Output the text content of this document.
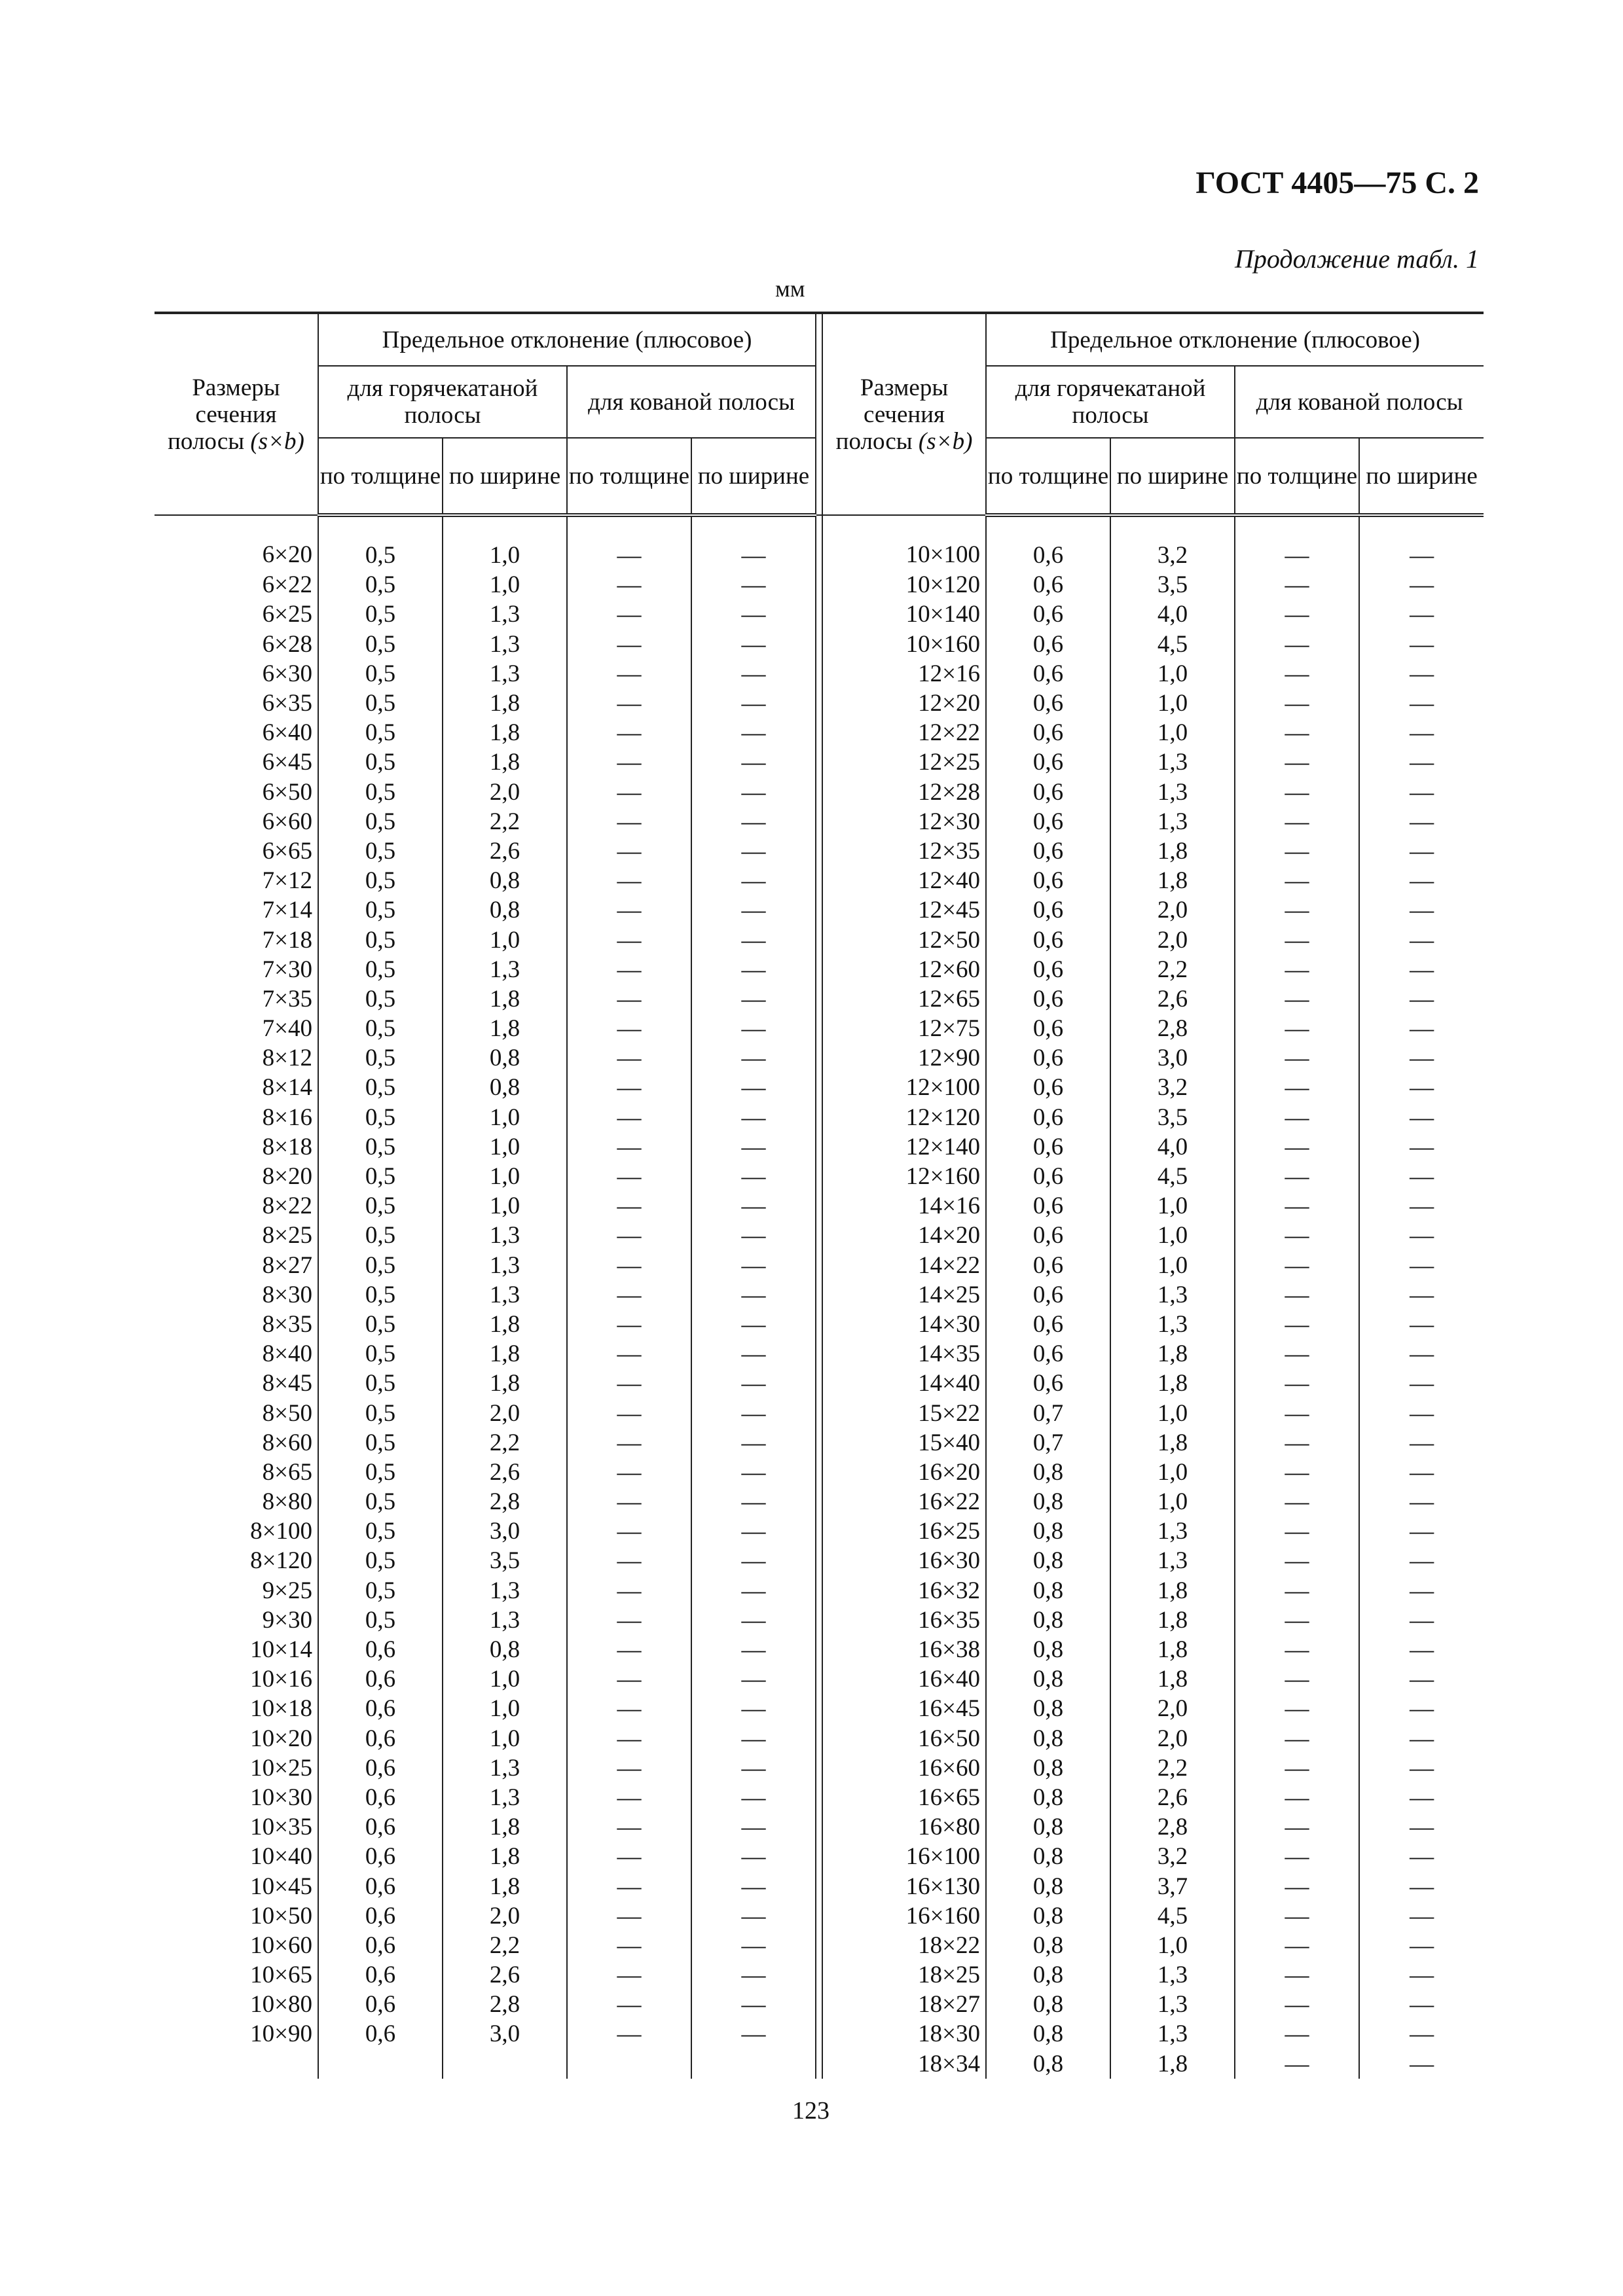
ГОСТ 4405—75 С. 2
Продолжение табл. 1
мм
Размеры сечения полосы (s×b)	Предельное отклонение (плюсовое)					Размеры сечения полосы (s×b)	Предельное отклонение (плюсовое)			
	для горячекатаной полосы		для кованой полосы				для горячекатаной полосы		для кованой полосы	
	по толщине	по ширине	по толщине	по ширине			по толщине	по ширине	по толщине	по ширине
6×20	0,5	1,0	—	—		10×100	0,6	3,2	—	—
6×22	0,5	1,0	—	—		10×120	0,6	3,5	—	—
6×25	0,5	1,3	—	—		10×140	0,6	4,0	—	—
6×28	0,5	1,3	—	—		10×160	0,6	4,5	—	—
6×30	0,5	1,3	—	—		12×16	0,6	1,0	—	—
6×35	0,5	1,8	—	—		12×20	0,6	1,0	—	—
6×40	0,5	1,8	—	—		12×22	0,6	1,0	—	—
6×45	0,5	1,8	—	—		12×25	0,6	1,3	—	—
6×50	0,5	2,0	—	—		12×28	0,6	1,3	—	—
6×60	0,5	2,2	—	—		12×30	0,6	1,3	—	—
6×65	0,5	2,6	—	—		12×35	0,6	1,8	—	—
7×12	0,5	0,8	—	—		12×40	0,6	1,8	—	—
7×14	0,5	0,8	—	—		12×45	0,6	2,0	—	—
7×18	0,5	1,0	—	—		12×50	0,6	2,0	—	—
7×30	0,5	1,3	—	—		12×60	0,6	2,2	—	—
7×35	0,5	1,8	—	—		12×65	0,6	2,6	—	—
7×40	0,5	1,8	—	—		12×75	0,6	2,8	—	—
8×12	0,5	0,8	—	—		12×90	0,6	3,0	—	—
8×14	0,5	0,8	—	—		12×100	0,6	3,2	—	—
8×16	0,5	1,0	—	—		12×120	0,6	3,5	—	—
8×18	0,5	1,0	—	—		12×140	0,6	4,0	—	—
8×20	0,5	1,0	—	—		12×160	0,6	4,5	—	—
8×22	0,5	1,0	—	—		14×16	0,6	1,0	—	—
8×25	0,5	1,3	—	—		14×20	0,6	1,0	—	—
8×27	0,5	1,3	—	—		14×22	0,6	1,0	—	—
8×30	0,5	1,3	—	—		14×25	0,6	1,3	—	—
8×35	0,5	1,8	—	—		14×30	0,6	1,3	—	—
8×40	0,5	1,8	—	—		14×35	0,6	1,8	—	—
8×45	0,5	1,8	—	—		14×40	0,6	1,8	—	—
8×50	0,5	2,0	—	—		15×22	0,7	1,0	—	—
8×60	0,5	2,2	—	—		15×40	0,7	1,8	—	—
8×65	0,5	2,6	—	—		16×20	0,8	1,0	—	—
8×80	0,5	2,8	—	—		16×22	0,8	1,0	—	—
8×100	0,5	3,0	—	—		16×25	0,8	1,3	—	—
8×120	0,5	3,5	—	—		16×30	0,8	1,3	—	—
9×25	0,5	1,3	—	—		16×32	0,8	1,8	—	—
9×30	0,5	1,3	—	—		16×35	0,8	1,8	—	—
10×14	0,6	0,8	—	—		16×38	0,8	1,8	—	—
10×16	0,6	1,0	—	—		16×40	0,8	1,8	—	—
10×18	0,6	1,0	—	—		16×45	0,8	2,0	—	—
10×20	0,6	1,0	—	—		16×50	0,8	2,0	—	—
10×25	0,6	1,3	—	—		16×60	0,8	2,2	—	—
10×30	0,6	1,3	—	—		16×65	0,8	2,6	—	—
10×35	0,6	1,8	—	—		16×80	0,8	2,8	—	—
10×40	0,6	1,8	—	—		16×100	0,8	3,2	—	—
10×45	0,6	1,8	—	—		16×130	0,8	3,7	—	—
10×50	0,6	2,0	—	—		16×160	0,8	4,5	—	—
10×60	0,6	2,2	—	—		18×22	0,8	1,0	—	—
10×65	0,6	2,6	—	—		18×25	0,8	1,3	—	—
10×80	0,6	2,8	—	—		18×27	0,8	1,3	—	—
10×90	0,6	3,0	—	—		18×30	0,8	1,3	—	—
						18×34	0,8	1,8	—	—
123
